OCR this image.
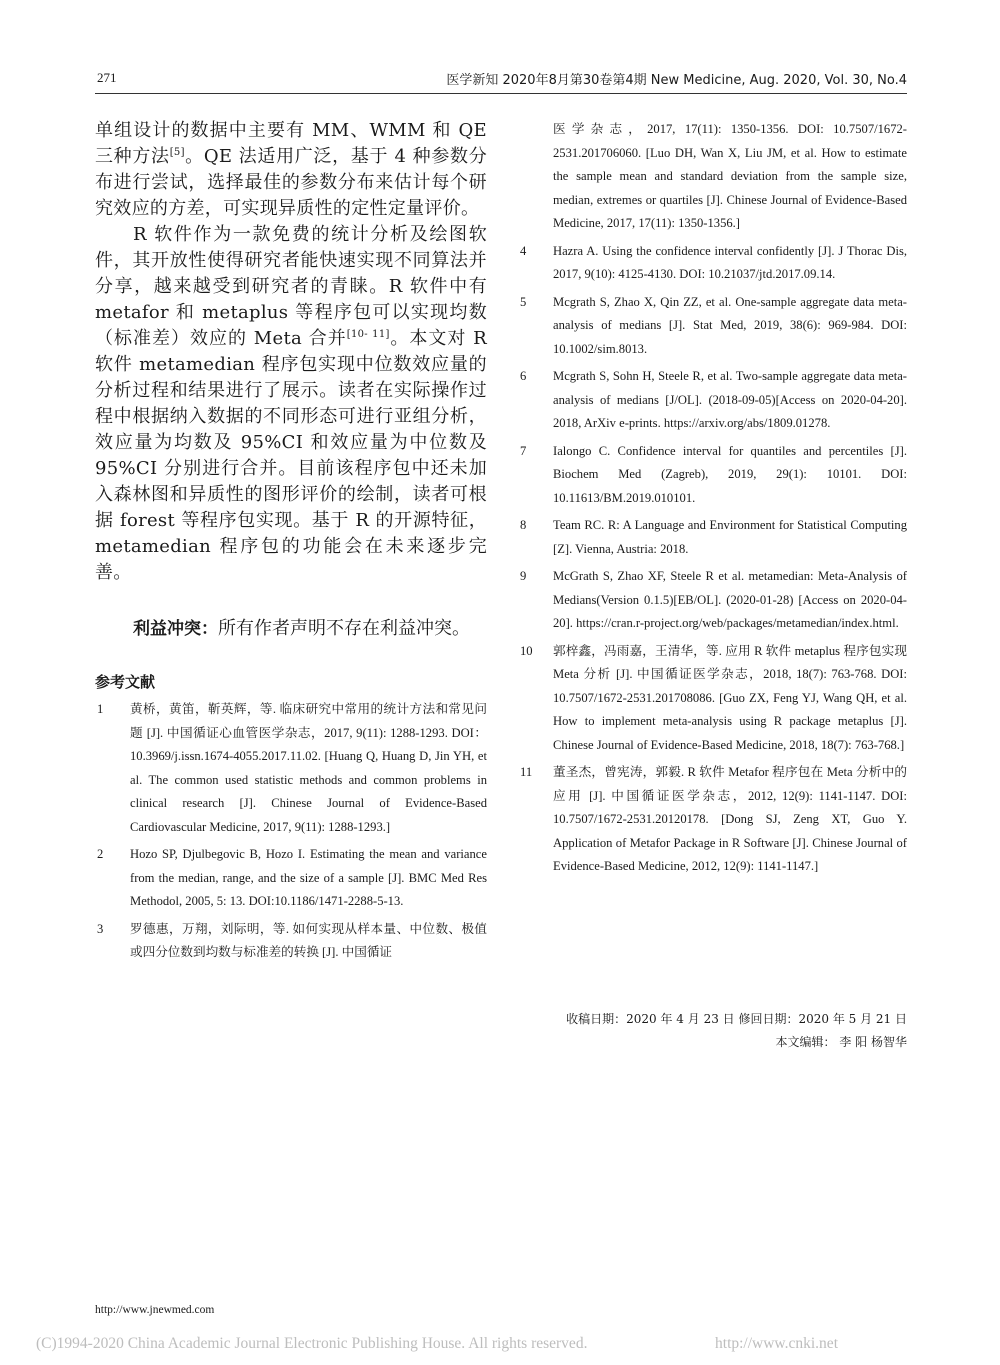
271	医学新知 2020年8月第30卷第4期 New Medicine, Aug. 2020, Vol. 30, No.4

单组设计的数据中主要有 MM、WMM 和 QE 三种方法[5]。QE 法适用广泛，基于 4 种参数分布进行尝试，选择最佳的参数分布来估计每个研究效应的方差，可实现异质性的定性定量评价。

R 软件作为一款免费的统计分析及绘图软件，其开放性使得研究者能快速实现不同算法并分享，越来越受到研究者的青睐。R 软件中有 metafor 和 metaplus 等程序包可以实现均数（标准差）效应的 Meta 合并[10- 11]。本文对 R 软件 metamedian 程序包实现中位数效应量的分析过程和结果进行了展示。读者在实际操作过程中根据纳入数据的不同形态可进行亚组分析，效应量为均数及 95%CI 和效应量为中位数及 95%CI 分别进行合并。目前该程序包中还未加入森林图和异质性的图形评价的绘制，读者可根据 forest 等程序包实现。基于 R 的开源特征，metamedian 程序包的功能会在未来逐步完善。

利益冲突：所有作者声明不存在利益冲突。

参考文献
1 黄桥，黄笛，靳英辉，等. 临床研究中常用的统计方法和常见问题 [J]. 中国循证心血管医学杂志，2017, 9(11): 1288-1293. DOI：10.3969/j.issn.1674-4055.2017.11.02. [Huang Q, Huang D, Jin YH, et al. The common used statistic methods and common problems in clinical research [J]. Chinese Journal of Evidence-Based Cardiovascular Medicine, 2017, 9(11): 1288-1293.]
2 Hozo SP, Djulbegovic B, Hozo I. Estimating the mean and variance from the median, range, and the size of a sample [J]. BMC Med Res Methodol, 2005, 5: 13. DOI:10.1186/1471-2288-5-13.
3 罗德惠，万翔，刘际明，等. 如何实现从样本量、中位数、极值或四分位数到均数与标准差的转换 [J]. 中国循证
医学杂志，2017, 17(11): 1350-1356. DOI: 10.7507/1672-2531.201706060. [Luo DH, Wan X, Liu JM, et al. How to estimate the sample mean and standard deviation from the sample size, median, extremes or quartiles [J]. Chinese Journal of Evidence-Based Medicine, 2017, 17(11): 1350-1356.]
4 Hazra A. Using the confidence interval confidently [J]. J Thorac Dis, 2017, 9(10): 4125-4130. DOI: 10.21037/jtd.2017.09.14.
5 Mcgrath S, Zhao X, Qin ZZ, et al. One-sample aggregate data meta-analysis of medians [J]. Stat Med, 2019, 38(6): 969-984. DOI: 10.1002/sim.8013.
6 Mcgrath S, Sohn H, Steele R, et al. Two-sample aggregate data meta-analysis of medians [J/OL]. (2018-09-05)[Access on 2020-04-20]. 2018, ArXiv e-prints. https://arxiv.org/abs/1809.01278.
7 Ialongo C. Confidence interval for quantiles and percentiles [J]. Biochem Med (Zagreb), 2019, 29(1): 10101. DOI: 10.11613/BM.2019.010101.
8 Team RC. R: A Language and Environment for Statistical Computing [Z]. Vienna, Austria: 2018.
9 McGrath S, Zhao XF, Steele R et al. metamedian: Meta-Analysis of Medians(Version 0.1.5)[EB/OL]. (2020-01-28) [Access on 2020-04-20]. https://cran.r-project.org/web/packages/metamedian/index.html.
10 郭梓鑫，冯雨嘉，王清华，等. 应用 R 软件 metaplus 程序包实现 Meta 分析 [J]. 中国循证医学杂志，2018, 18(7): 763-768. DOI: 10.7507/1672-2531.201708086. [Guo ZX, Feng YJ, Wang QH, et al. How to implement meta-analysis using R package metaplus [J]. Chinese Journal of Evidence-Based Medicine, 2018, 18(7): 763-768.]
11 董圣杰，曾宪涛，郭毅. R 软件 Metafor 程序包在 Meta 分析中的应用 [J]. 中国循证医学杂志，2012, 12(9): 1141-1147. DOI: 10.7507/1672-2531.20120178. [Dong SJ, Zeng XT, Guo Y. Application of Metafor Package in R Software [J]. Chinese Journal of Evidence-Based Medicine, 2012, 12(9): 1141-1147.]
收稿日期：2020 年 4 月 23 日 修回日期：2020 年 5 月 21 日
本文编辑： 李 阳 杨智华
http://www.jnewmed.com
(C)1994-2020 China Academic Journal Electronic Publishing House. All rights reserved.	http://www.cnki.net
